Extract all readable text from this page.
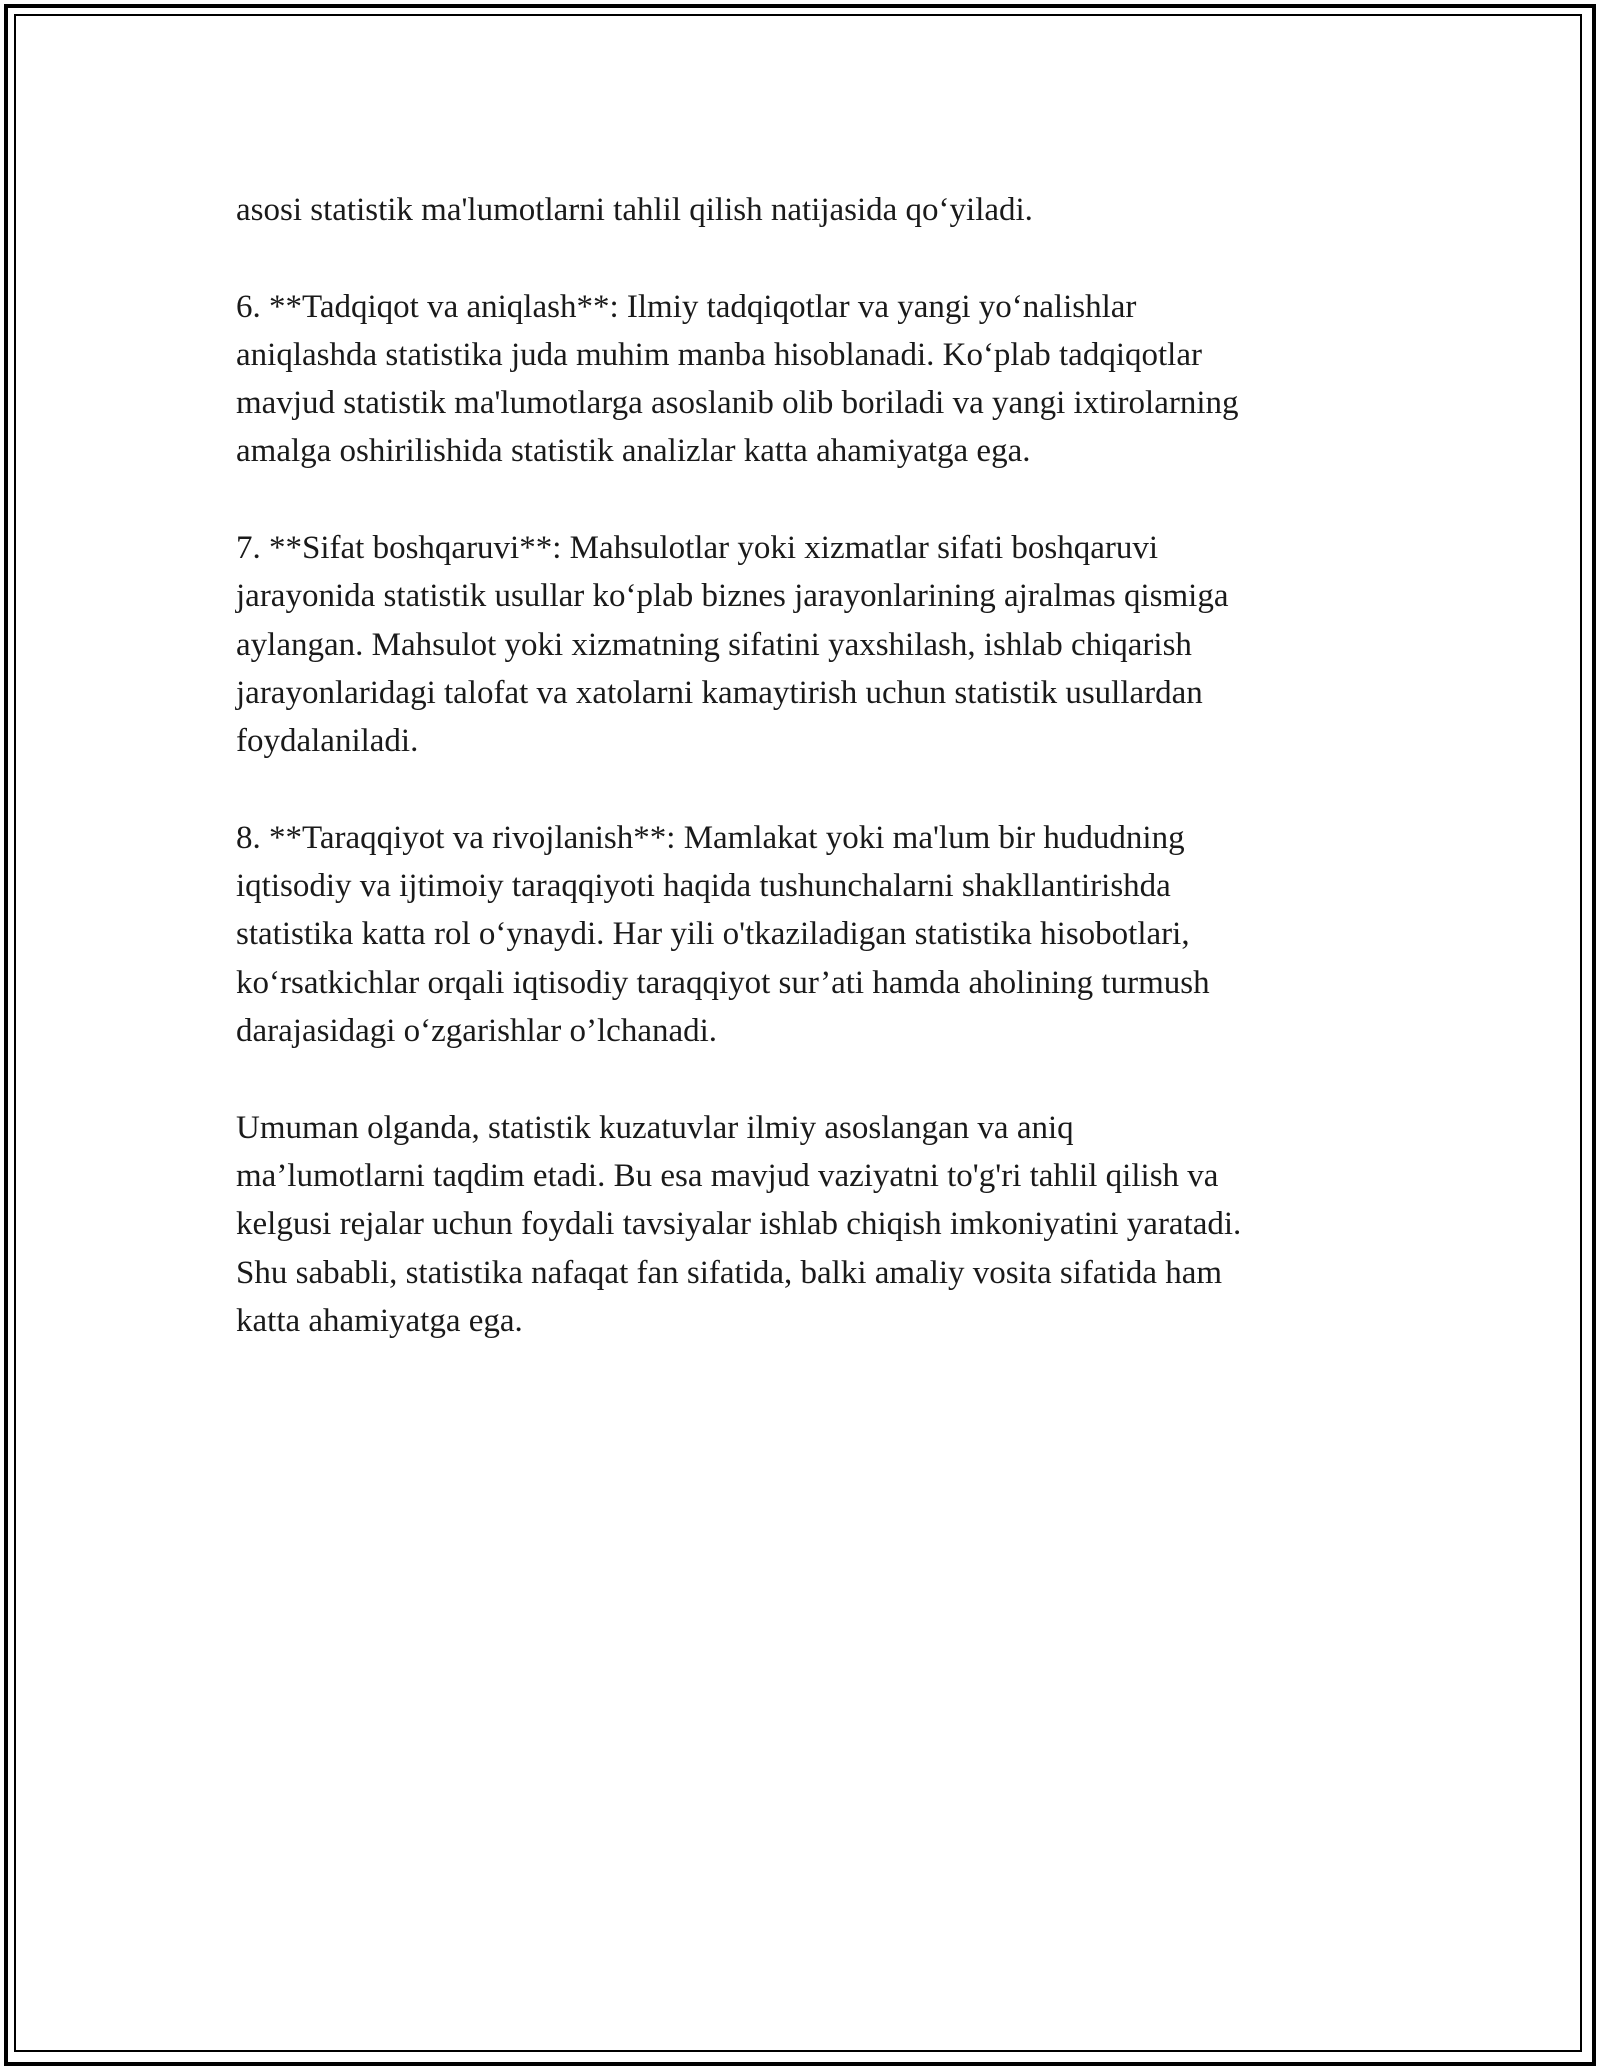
asosi statistik ma'lumotlarni tahlil qilish natijasida qo‘yiladi.

6. **Tadqiqot va aniqlash**: Ilmiy tadqiqotlar va yangi yo‘nalishlar
aniqlashda statistika juda muhim manba hisoblanadi. Ko‘plab tadqiqotlar
mavjud statistik ma'lumotlarga asoslanib olib boriladi va yangi ixtirolarning
amalga oshirilishida statistik analizlar katta ahamiyatga ega.

7. **Sifat boshqaruvi**: Mahsulotlar yoki xizmatlar sifati boshqaruvi
jarayonida statistik usullar ko‘plab biznes jarayonlarining ajralmas qismiga
aylangan. Mahsulot yoki xizmatning sifatini yaxshilash, ishlab chiqarish
jarayonlaridagi talofat va xatolarni kamaytirish uchun statistik usullardan
foydalaniladi.

8. **Taraqqiyot va rivojlanish**: Mamlakat yoki ma'lum bir hududning
iqtisodiy va ijtimoiy taraqqiyoti haqida tushunchalarni shakllantirishda
statistika katta rol o‘ynaydi. Har yili o'tkaziladigan statistika hisobotlari,
ko‘rsatkichlar orqali iqtisodiy taraqqiyot sur’ati hamda aholining turmush
darajasidagi o‘zgarishlar o’lchanadi.

Umuman olganda, statistik kuzatuvlar ilmiy asoslangan va aniq
ma’lumotlarni taqdim etadi. Bu esa mavjud vaziyatni to'g'ri tahlil qilish va
kelgusi rejalar uchun foydali tavsiyalar ishlab chiqish imkoniyatini yaratadi.
Shu sababli, statistika nafaqat fan sifatida, balki amaliy vosita sifatida ham
katta ahamiyatga ega.
